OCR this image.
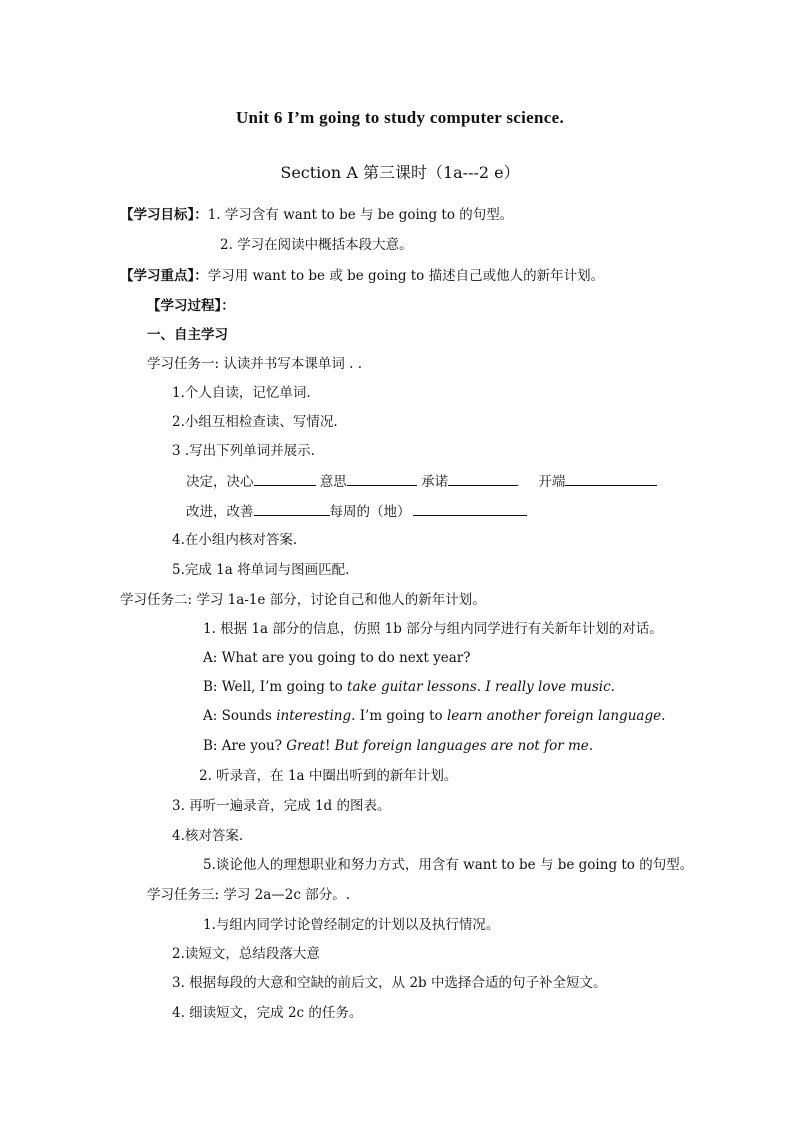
Unit 6 I’m going to study computer science.
Section A 第三课时（1a---2 e）
【学习目标】：1. 学习含有 want to be 与 be going to 的句型。
2. 学习在阅读中概括本段大意。
【学习重点】：学习用 want to be 或 be going to 描述自己或他人的新年计划。
【学习过程】：
一、自主学习
学习任务一: 认读并书写本课单词 . .
1.个人自读，记忆单词.
2.小组互相检查读、写情况.
3 .写出下列单词并展示.
决定，决心	意思	承诺	开端
改进，改善	每周的（地）
4.在小组内核对答案.
5.完成 1a 将单词与图画匹配.
学习任务二: 学习 1a-1e 部分，讨论自己和他人的新年计划。
1. 根据 1a 部分的信息，仿照 1b 部分与组内同学进行有关新年计划的对话。
A: What are you going to do next year?
B: Well, I’m going to take guitar lessons. I really love music.
A: Sounds interesting. I’m going to learn another foreign language.
B: Are you? Great! But foreign languages are not for me.
2. 听录音，在 1a 中圈出听到的新年计划。
3. 再听一遍录音，完成 1d 的图表。
4.核对答案.
5.谈论他人的理想职业和努力方式，用含有 want to be 与 be going to 的句型。
学习任务三: 学习 2a—2c 部分。.
1.与组内同学讨论曾经制定的计划以及执行情况。
2.读短文，总结段落大意
3. 根据每段的大意和空缺的前后文，从 2b 中选择合适的句子补全短文。
4. 细读短文，完成 2c 的任务。
